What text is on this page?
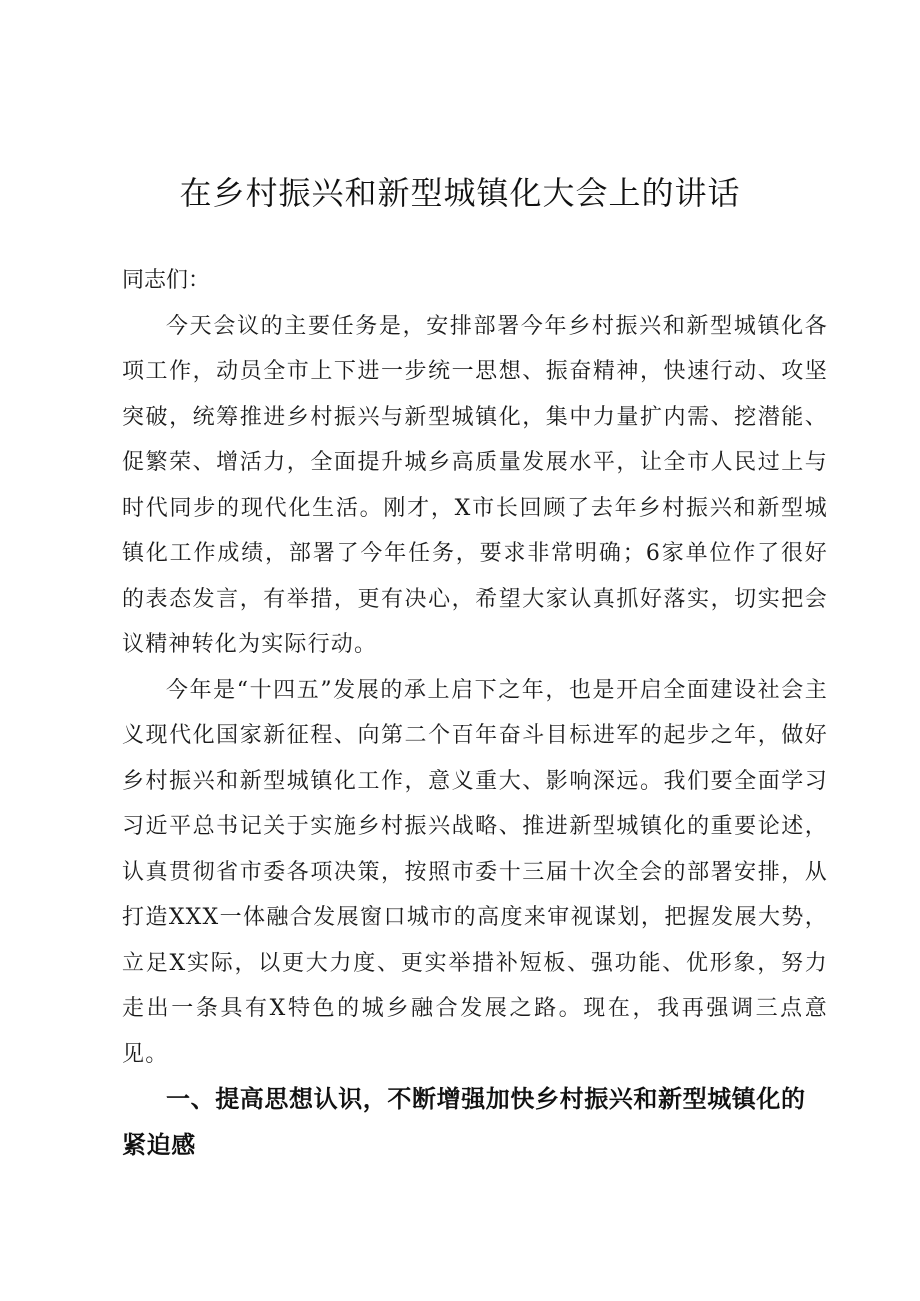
在乡村振兴和新型城镇化大会上的讲话

同志们：

今天会议的主要任务是，安排部署今年乡村振兴和新型城镇化各项工作，动员全市上下进一步统一思想、振奋精神，快速行动、攻坚突破，统筹推进乡村振兴与新型城镇化，集中力量扩内需、挖潜能、促繁荣、增活力，全面提升城乡高质量发展水平，让全市人民过上与时代同步的现代化生活。刚才，X市长回顾了去年乡村振兴和新型城镇化工作成绩，部署了今年任务，要求非常明确；6家单位作了很好的表态发言，有举措，更有决心，希望大家认真抓好落实，切实把会议精神转化为实际行动。

今年是“十四五”发展的承上启下之年，也是开启全面建设社会主义现代化国家新征程、向第二个百年奋斗目标进军的起步之年，做好乡村振兴和新型城镇化工作，意义重大、影响深远。我们要全面学习习近平总书记关于实施乡村振兴战略、推进新型城镇化的重要论述，认真贯彻省市委各项决策，按照市委十三届十次全会的部署安排，从打造XXX一体融合发展窗口城市的高度来审视谋划，把握发展大势，立足X实际，以更大力度、更实举措补短板、强功能、优形象，努力走出一条具有X特色的城乡融合发展之路。现在，我再强调三点意见。

一、提高思想认识，不断增强加快乡村振兴和新型城镇化的紧迫感
